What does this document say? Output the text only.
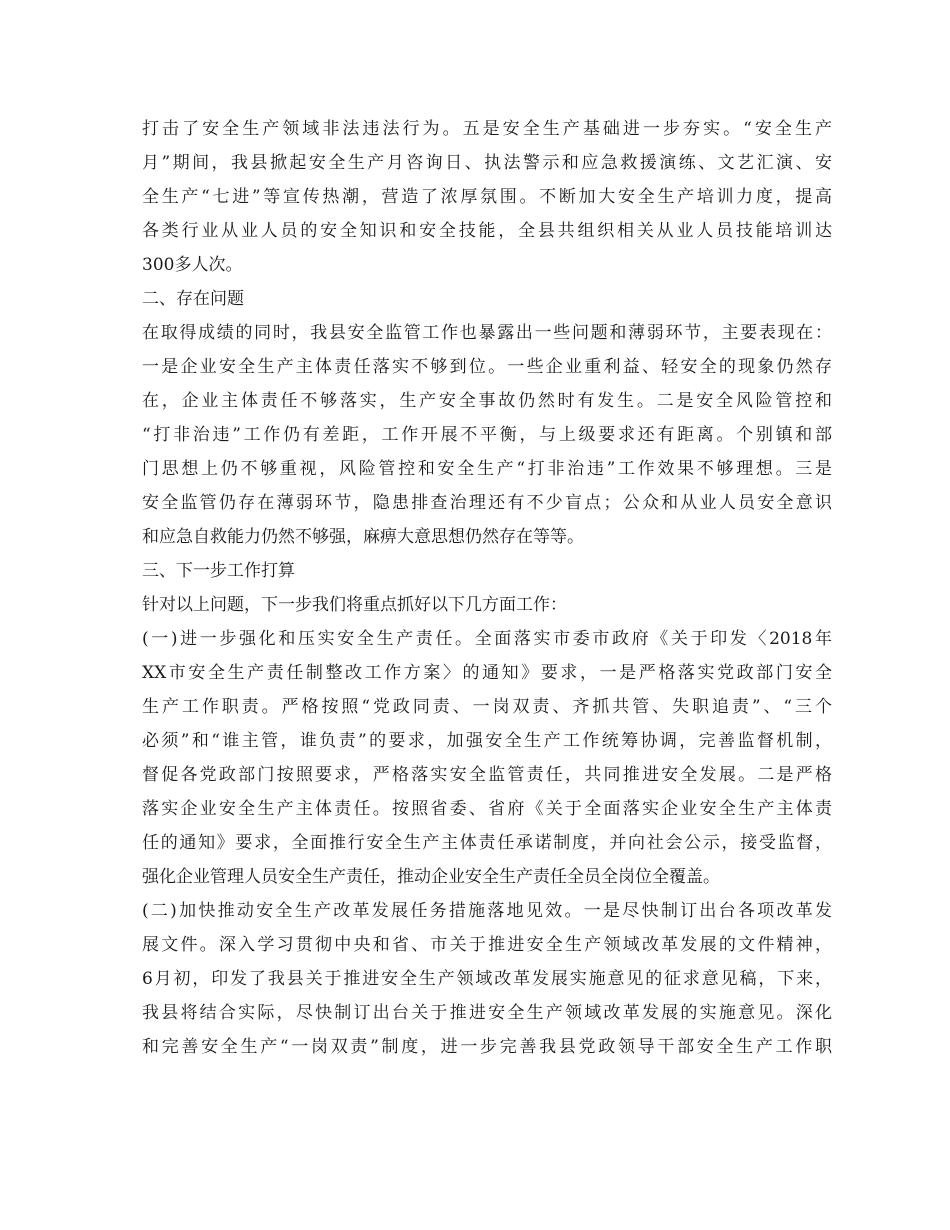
打击了安全生产领域非法违法行为。五是安全生产基础进一步夯实。“安全生产
月”期间，我县掀起安全生产月咨询日、执法警示和应急救援演练、文艺汇演、安
全生产“七进”等宣传热潮，营造了浓厚氛围。不断加大安全生产培训力度，提高
各类行业从业人员的安全知识和安全技能，全县共组织相关从业人员技能培训达
300多人次。
二、存在问题
在取得成绩的同时，我县安全监管工作也暴露出一些问题和薄弱环节，主要表现在：
一是企业安全生产主体责任落实不够到位。一些企业重利益、轻安全的现象仍然存
在，企业主体责任不够落实，生产安全事故仍然时有发生。二是安全风险管控和
“打非治违”工作仍有差距，工作开展不平衡，与上级要求还有距离。个别镇和部
门思想上仍不够重视，风险管控和安全生产“打非治违”工作效果不够理想。三是
安全监管仍存在薄弱环节，隐患排查治理还有不少盲点；公众和从业人员安全意识
和应急自救能力仍然不够强，麻痹大意思想仍然存在等等。
三、下一步工作打算
针对以上问题，下一步我们将重点抓好以下几方面工作：
(一)进一步强化和压实安全生产责任。全面落实市委市政府《关于印发〈2018年
XX市安全生产责任制整改工作方案〉的通知》要求，一是严格落实党政部门安全
生产工作职责。严格按照“党政同责、一岗双责、齐抓共管、失职追责”、“三个
必须”和“谁主管，谁负责”的要求，加强安全生产工作统筹协调，完善监督机制，
督促各党政部门按照要求，严格落实安全监管责任，共同推进安全发展。二是严格
落实企业安全生产主体责任。按照省委、省府《关于全面落实企业安全生产主体责
任的通知》要求，全面推行安全生产主体责任承诺制度，并向社会公示，接受监督，
强化企业管理人员安全生产责任，推动企业安全生产责任全员全岗位全覆盖。
(二)加快推动安全生产改革发展任务措施落地见效。一是尽快制订出台各项改革发
展文件。深入学习贯彻中央和省、市关于推进安全生产领域改革发展的文件精神，
6月初，印发了我县关于推进安全生产领域改革发展实施意见的征求意见稿，下来，
我县将结合实际，尽快制订出台关于推进安全生产领域改革发展的实施意见。深化
和完善安全生产“一岗双责”制度，进一步完善我县党政领导干部安全生产工作职
